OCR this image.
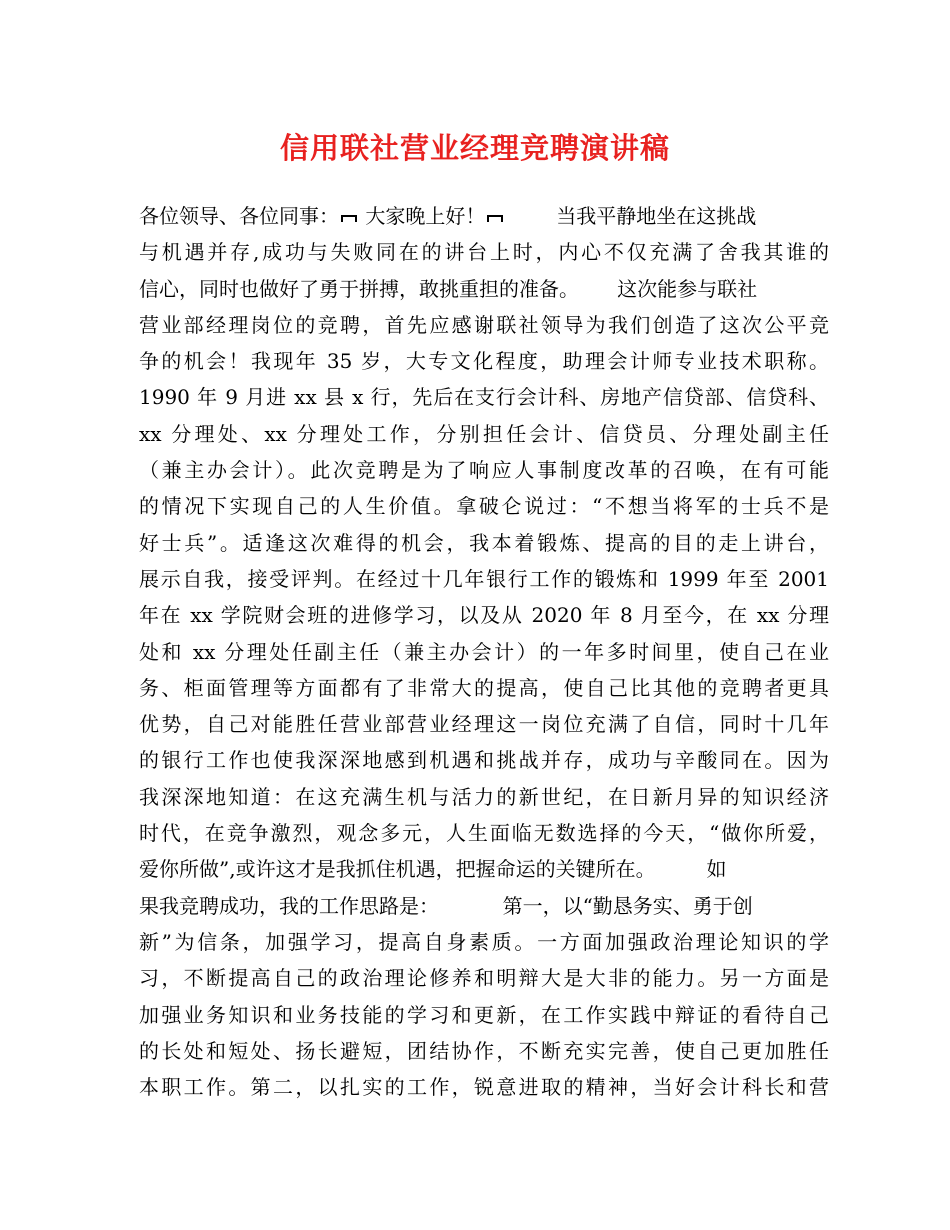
信用联社营业经理竞聘演讲稿
各位领导、各位同事： 大家晚上好！        当我平静地坐在这挑战
与机遇并存,成功与失败同在的讲台上时，内心不仅充满了舍我其谁的
信心，同时也做好了勇于拼搏，敢挑重担的准备。      这次能参与联社
营业部经理岗位的竞聘，首先应感谢联社领导为我们创造了这次公平竞
争的机会！我现年 35 岁，大专文化程度，助理会计师专业技术职称。
1990 年 9 月进 xx 县 x 行，先后在支行会计科、房地产信贷部、信贷科、
xx 分理处、xx 分理处工作，分别担任会计、信贷员、分理处副主任
（兼主办会计）。此次竞聘是为了响应人事制度改革的召唤，在有可能
的情况下实现自己的人生价值。拿破仑说过：“不想当将军的士兵不是
好士兵”。适逢这次难得的机会，我本着锻炼、提高的目的走上讲台，
展示自我，接受评判。在经过十几年银行工作的锻炼和 1999 年至 2001
年在 xx 学院财会班的进修学习，以及从 2020 年 8 月至今，在 xx 分理
处和 xx 分理处任副主任（兼主办会计）的一年多时间里，使自己在业
务、柜面管理等方面都有了非常大的提高，使自己比其他的竞聘者更具
优势，自己对能胜任营业部营业经理这一岗位充满了自信，同时十几年
的银行工作也使我深深地感到机遇和挑战并存，成功与辛酸同在。因为
我深深地知道：在这充满生机与活力的新世纪，在日新月异的知识经济
时代，在竞争激烈，观念多元，人生面临无数选择的今天，“做你所爱，
爱你所做”,或许这才是我抓住机遇，把握命运的关键所在。        如
果我竞聘成功，我的工作思路是：          第一，以“勤恳务实、勇于创
新”为信条，加强学习，提高自身素质。一方面加强政治理论知识的学
习，不断提高自己的政治理论修养和明辩大是大非的能力。另一方面是
加强业务知识和业务技能的学习和更新，在工作实践中辩证的看待自己
的长处和短处、扬长避短，团结协作，不断充实完善，使自己更加胜任
本职工作。第二，以扎实的工作，锐意进取的精神，当好会计科长和营
